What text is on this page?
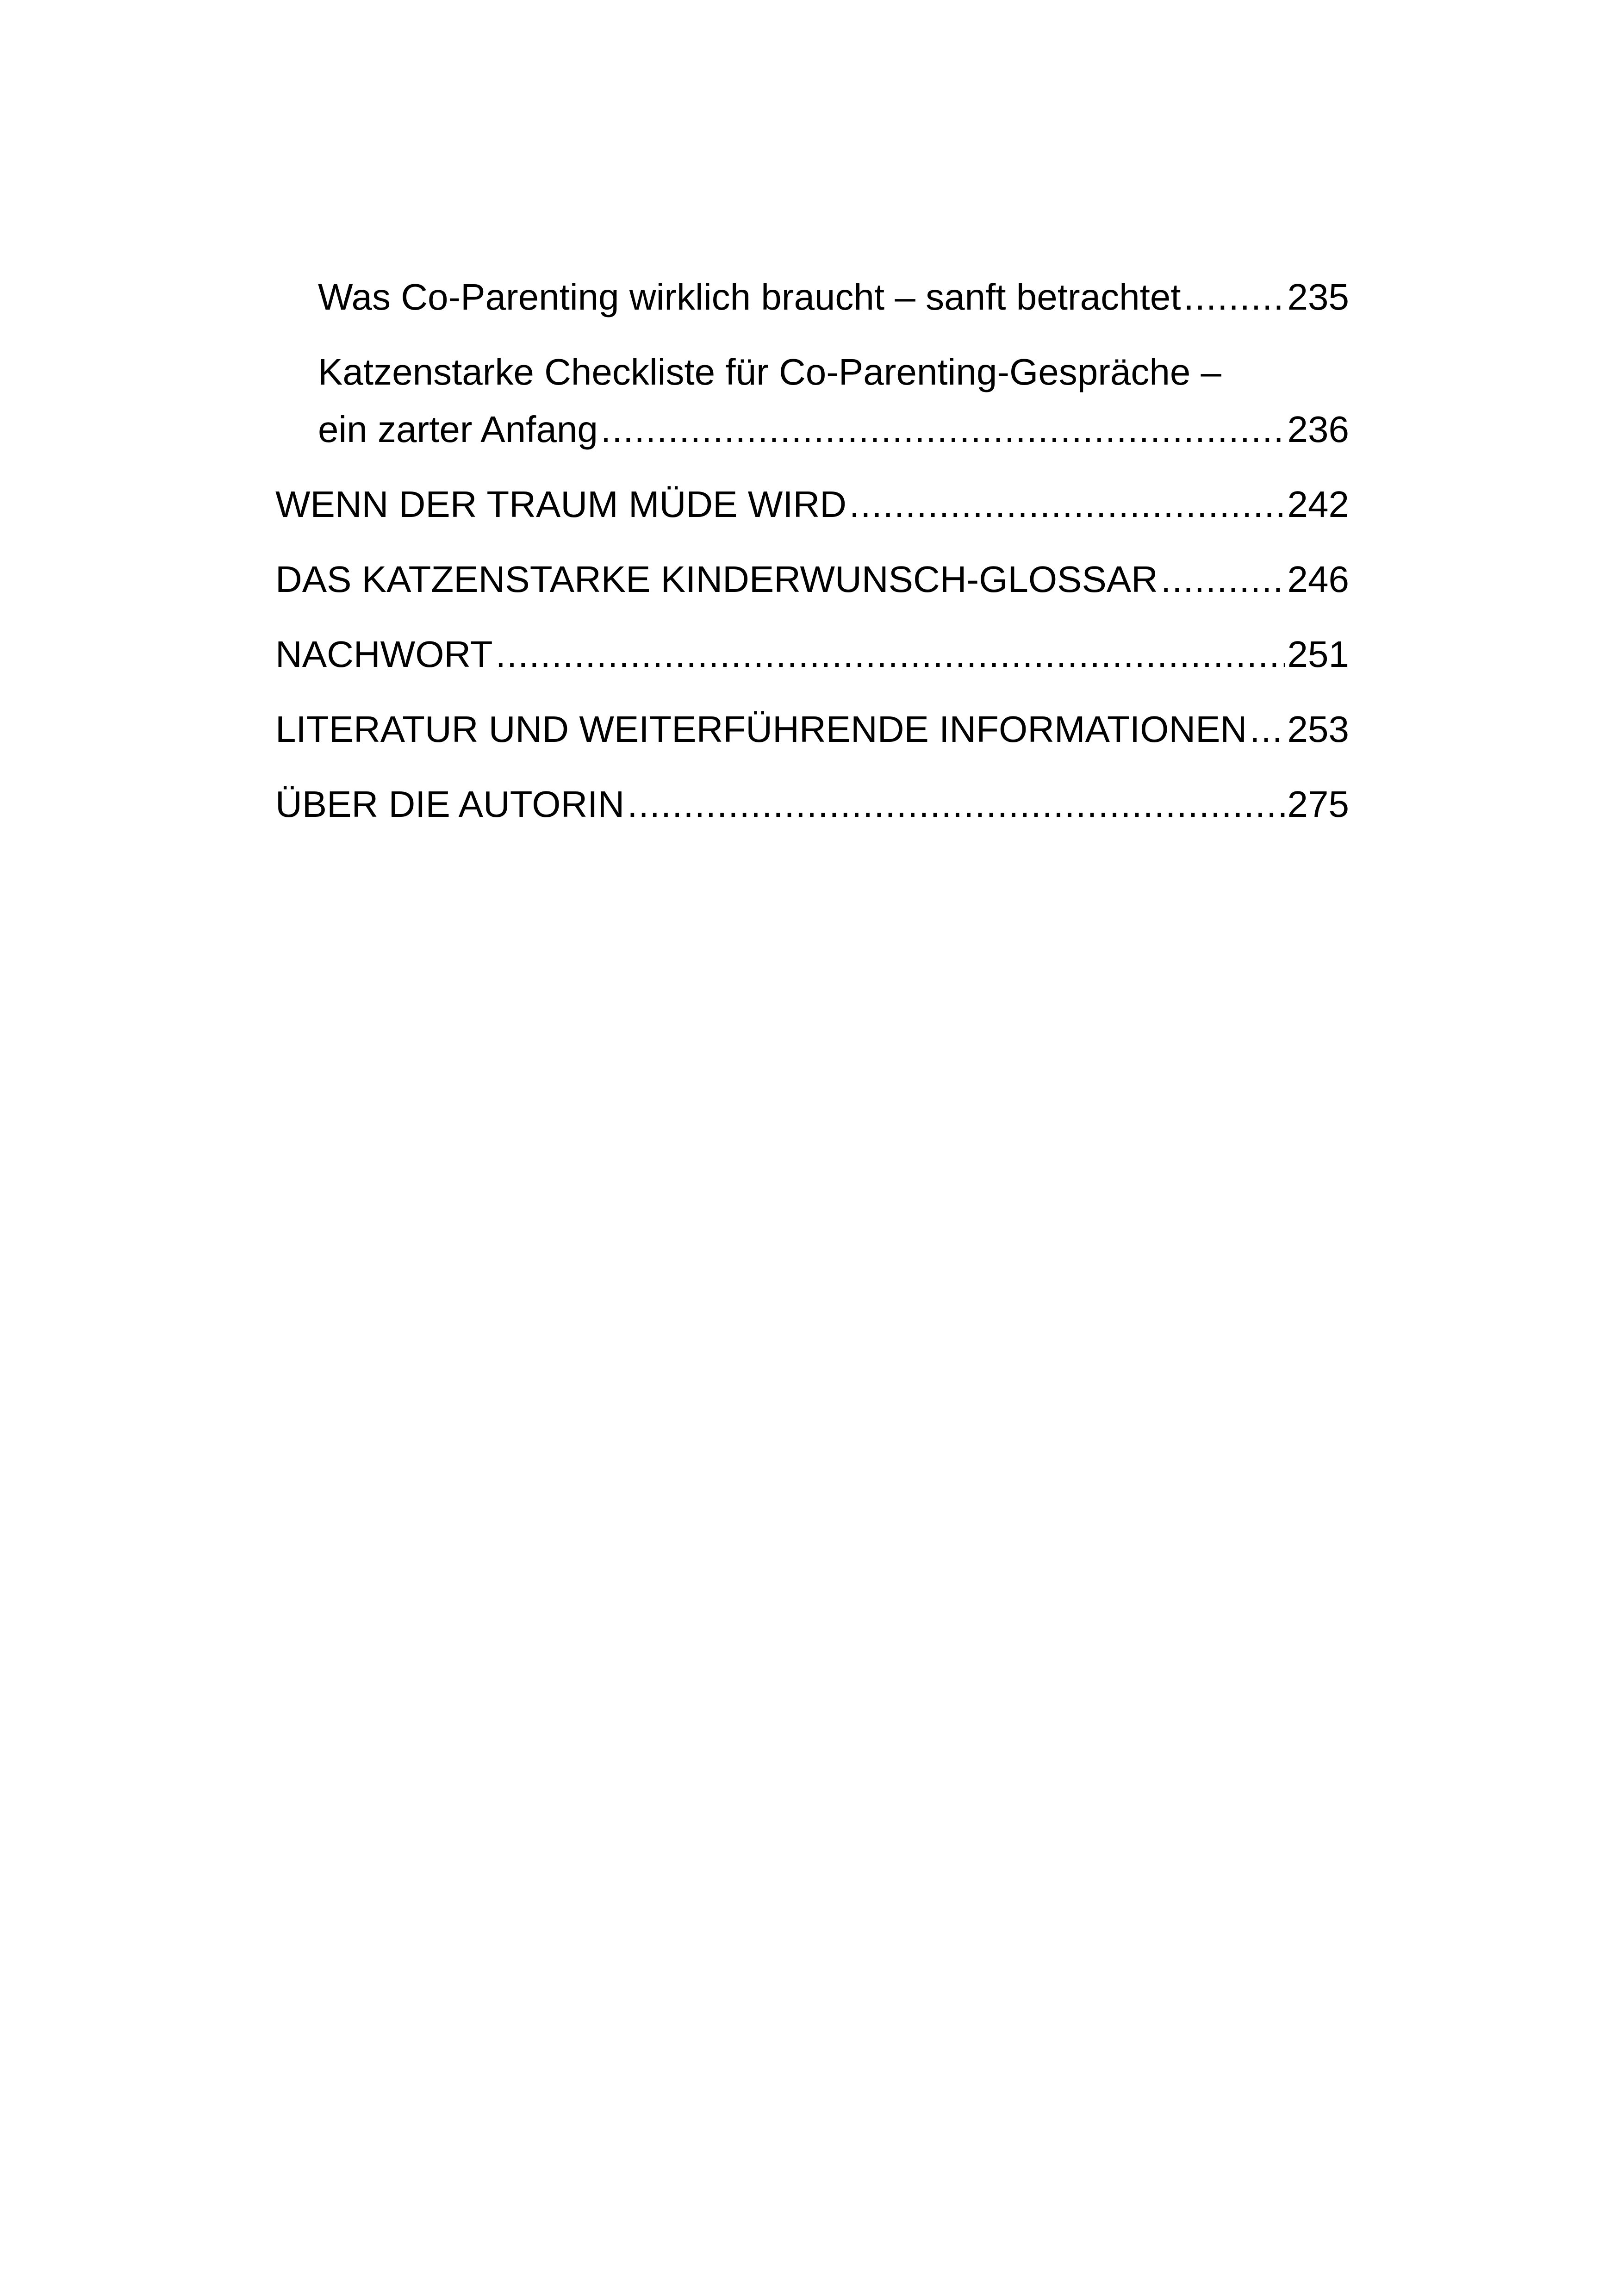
Was Co-Parenting wirklich braucht – sanft betrachtet .....	235
Katzenstarke Checkliste für Co-Parenting-Gespräche –
ein zarter Anfang .....	236
WENN DER TRAUM MÜDE WIRD .....	242
DAS KATZENSTARKE KINDERWUNSCH-GLOSSAR .....	246
NACHWORT .....	251
LITERATUR UND WEITERFÜHRENDE INFORMATIONEN ..... 253
ÜBER DIE AUTORIN .....	275
